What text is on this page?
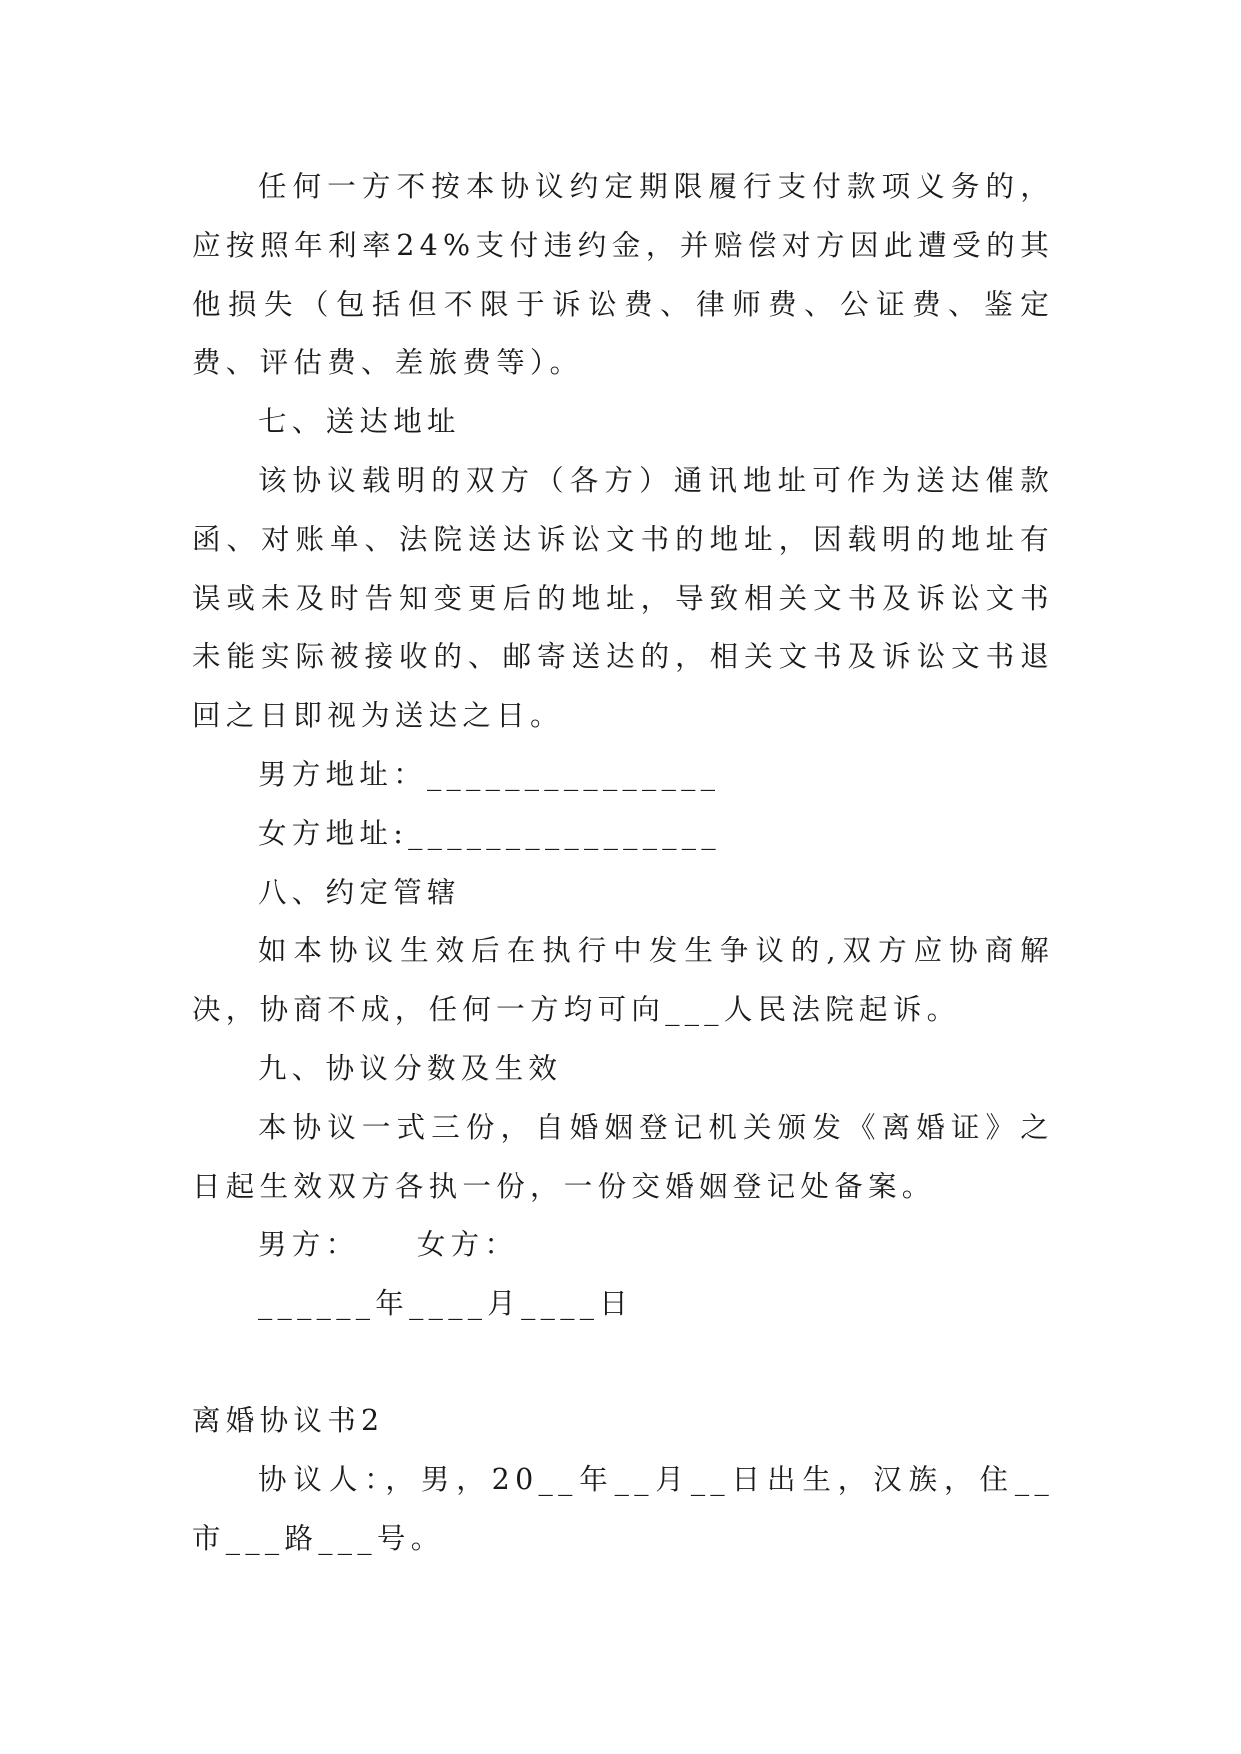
任何一方不按本协议约定期限履行支付款项义务的，应按照年利率24%支付违约金，并赔偿对方因此遭受的其他损失（包括但不限于诉讼费、律师费、公证费、鉴定费、评估费、差旅费等）。

七、送达地址

该协议载明的双方（各方）通讯地址可作为送达催款函、对账单、法院送达诉讼文书的地址，因载明的地址有误或未及时告知变更后的地址，导致相关文书及诉讼文书未能实际被接收的、邮寄送达的，相关文书及诉讼文书退回之日即视为送达之日。

男方地址：_______________

女方地址:________________

八、约定管辖

如本协议生效后在执行中发生争议的,双方应协商解决，协商不成，任何一方均可向___人民法院起诉。

九、协议分数及生效

本协议一式三份，自婚姻登记机关颁发《离婚证》之日起生效双方各执一份，一份交婚姻登记处备案。

男方：    女方：

______年____月____日

离婚协议书2

协议人：，男，20__年__月__日出生，汉族，住__市___路___号。
